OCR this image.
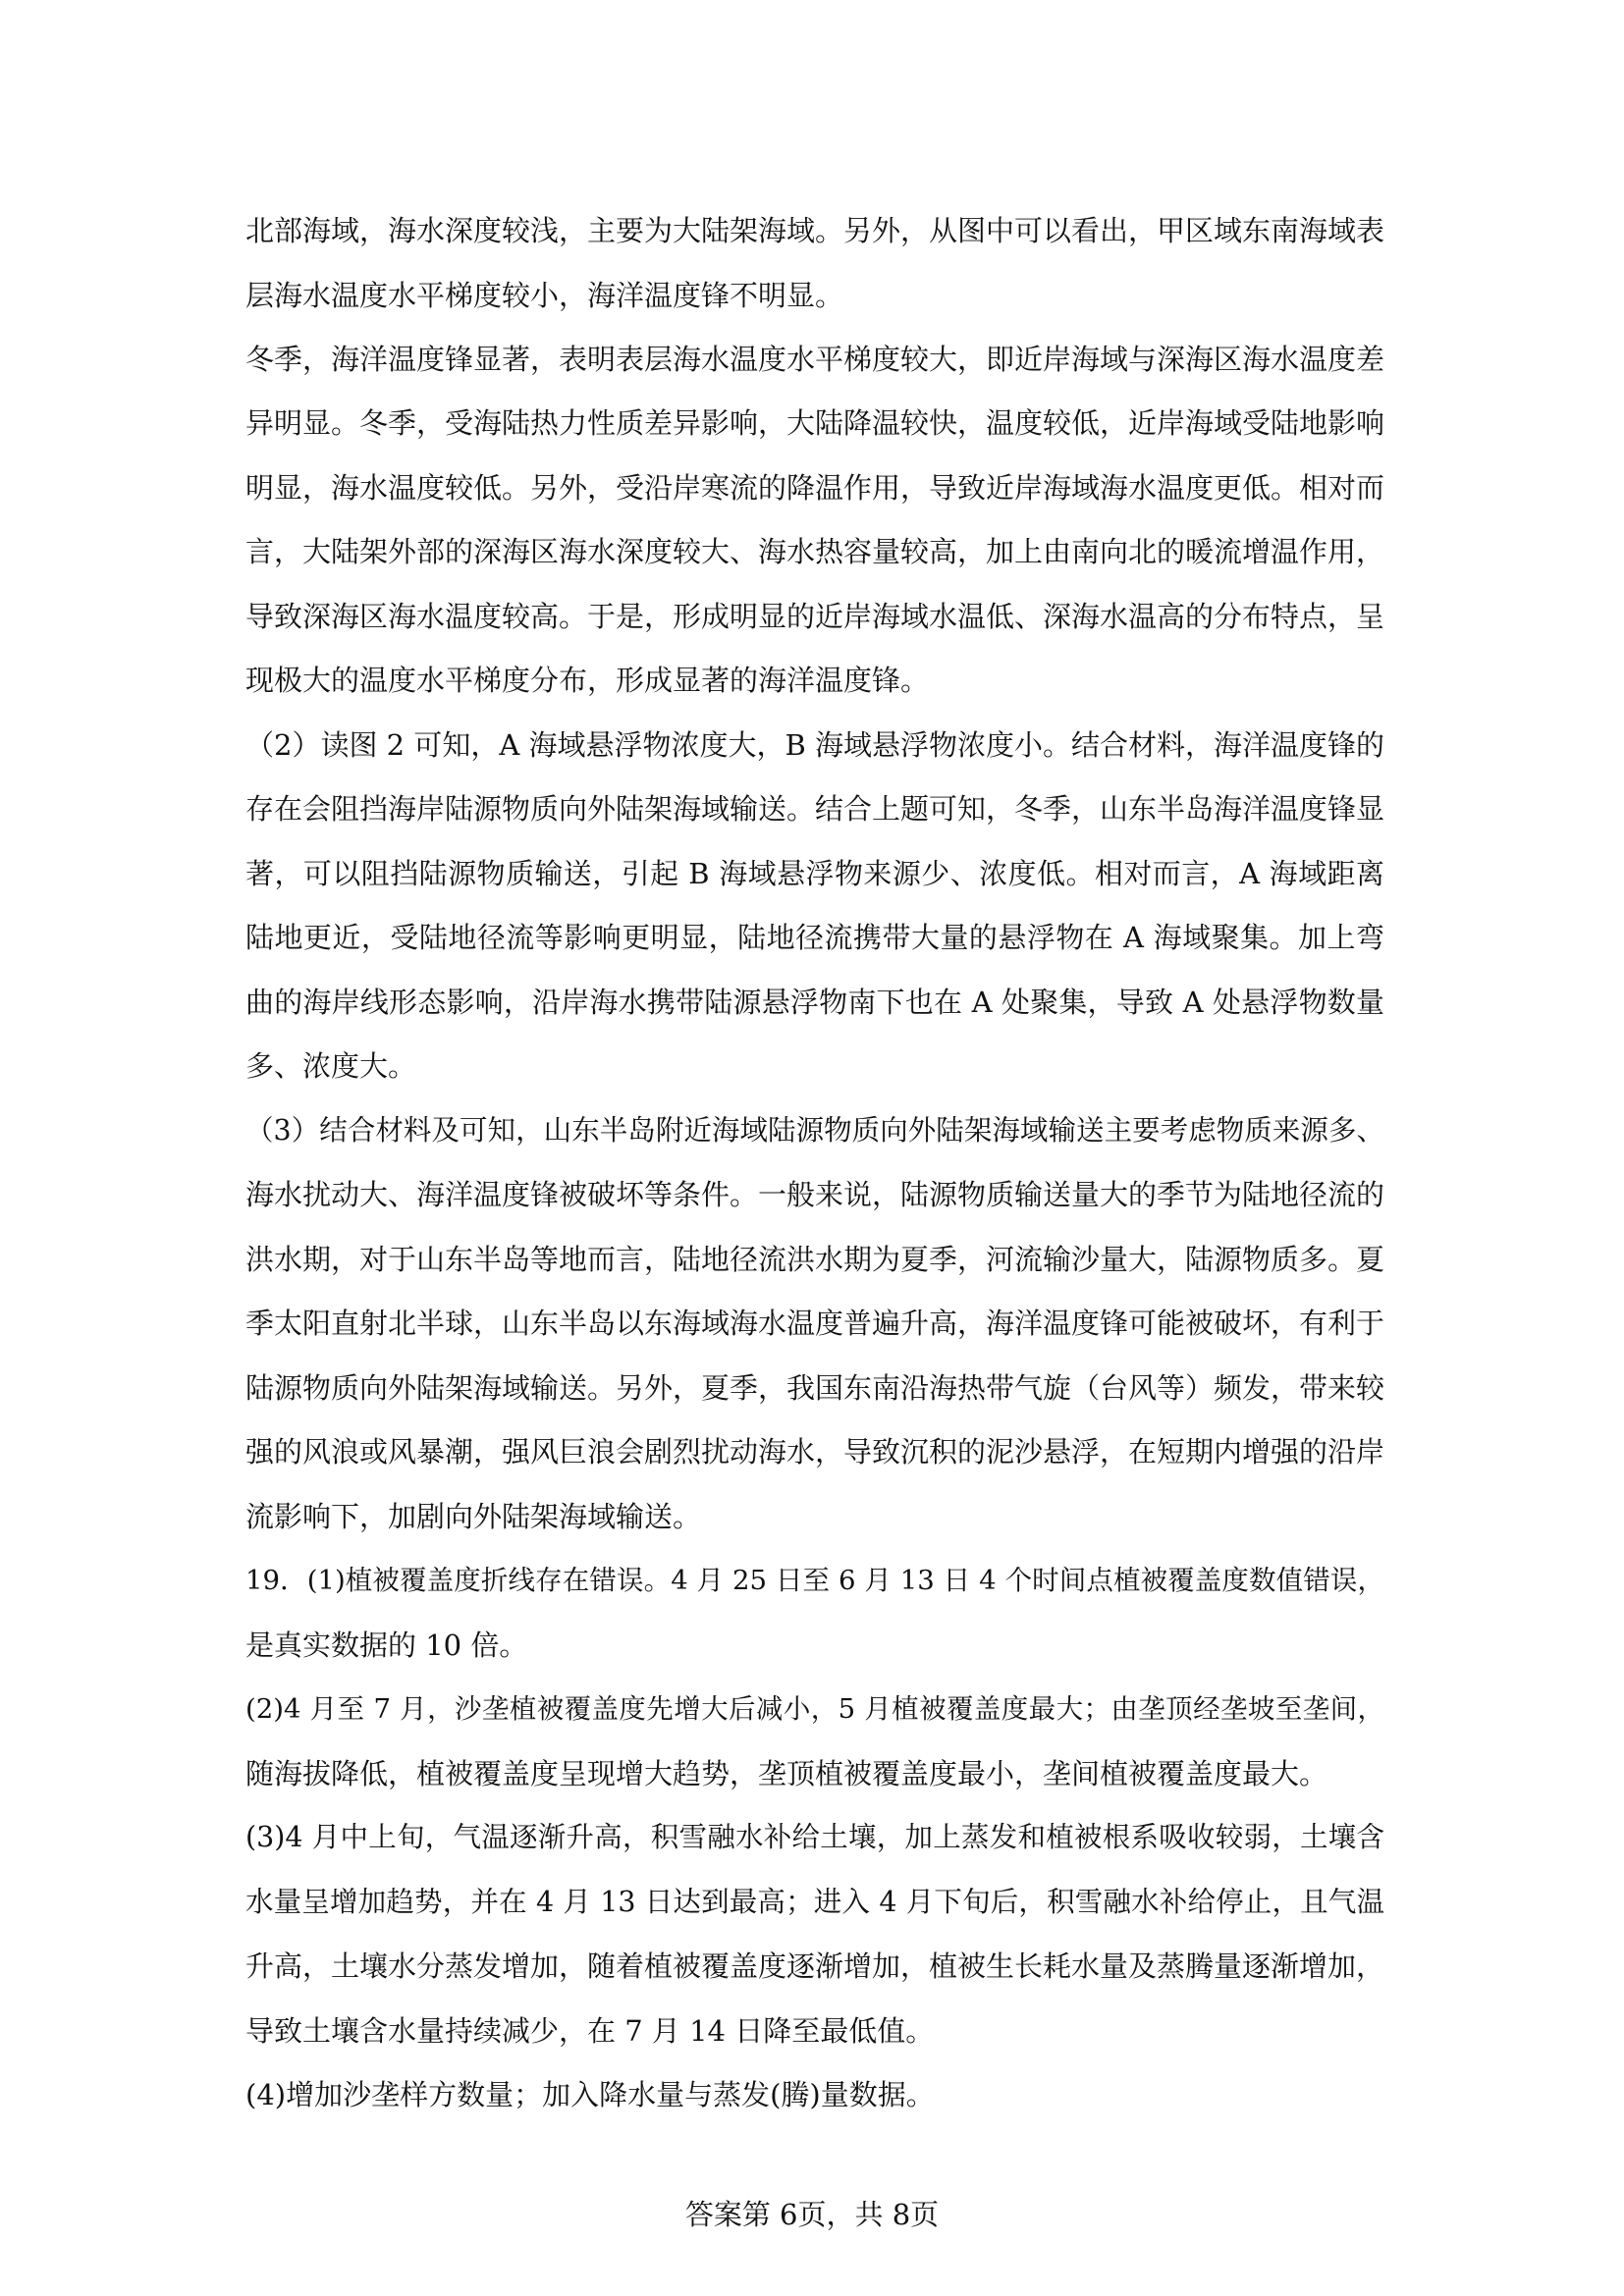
北部海域，海水深度较浅，主要为大陆架海域。另外，从图中可以看出，甲区域东南海域表
层海水温度水平梯度较小，海洋温度锋不明显。
冬季，海洋温度锋显著，表明表层海水温度水平梯度较大，即近岸海域与深海区海水温度差
异明显。冬季，受海陆热力性质差异影响，大陆降温较快，温度较低，近岸海域受陆地影响
明显，海水温度较低。另外，受沿岸寒流的降温作用，导致近岸海域海水温度更低。相对而
言，大陆架外部的深海区海水深度较大、海水热容量较高，加上由南向北的暖流增温作用，
导致深海区海水温度较高。于是，形成明显的近岸海域水温低、深海水温高的分布特点，呈
现极大的温度水平梯度分布，形成显著的海洋温度锋。
（2）读图 2 可知，A 海域悬浮物浓度大，B 海域悬浮物浓度小。结合材料，海洋温度锋的
存在会阻挡海岸陆源物质向外陆架海域输送。结合上题可知，冬季，山东半岛海洋温度锋显
著，可以阻挡陆源物质输送，引起 B 海域悬浮物来源少、浓度低。相对而言，A 海域距离
陆地更近，受陆地径流等影响更明显，陆地径流携带大量的悬浮物在 A 海域聚集。加上弯
曲的海岸线形态影响，沿岸海水携带陆源悬浮物南下也在 A 处聚集，导致 A 处悬浮物数量
多、浓度大。
（3）结合材料及可知，山东半岛附近海域陆源物质向外陆架海域输送主要考虑物质来源多、
海水扰动大、海洋温度锋被破坏等条件。一般来说，陆源物质输送量大的季节为陆地径流的
洪水期，对于山东半岛等地而言，陆地径流洪水期为夏季，河流输沙量大，陆源物质多。夏
季太阳直射北半球，山东半岛以东海域海水温度普遍升高，海洋温度锋可能被破坏，有利于
陆源物质向外陆架海域输送。另外，夏季，我国东南沿海热带气旋（台风等）频发，带来较
强的风浪或风暴潮，强风巨浪会剧烈扰动海水，导致沉积的泥沙悬浮，在短期内增强的沿岸
流影响下，加剧向外陆架海域输送。
19．(1)植被覆盖度折线存在错误。4 月 25 日至 6 月 13 日 4 个时间点植被覆盖度数值错误，
是真实数据的 10 倍。
(2)4 月至 7 月，沙垄植被覆盖度先增大后减小，5 月植被覆盖度最大；由垄顶经垄坡至垄间，
随海拔降低，植被覆盖度呈现增大趋势，垄顶植被覆盖度最小，垄间植被覆盖度最大。
(3)4 月中上旬，气温逐渐升高，积雪融水补给土壤，加上蒸发和植被根系吸收较弱，土壤含
水量呈增加趋势，并在 4 月 13 日达到最高；进入 4 月下旬后，积雪融水补给停止，且气温
升高，土壤水分蒸发增加，随着植被覆盖度逐渐增加，植被生长耗水量及蒸腾量逐渐增加，
导致土壤含水量持续减少，在 7 月 14 日降至最低值。
(4)增加沙垄样方数量；加入降水量与蒸发(腾)量数据。
答案第 6页，共 8页
